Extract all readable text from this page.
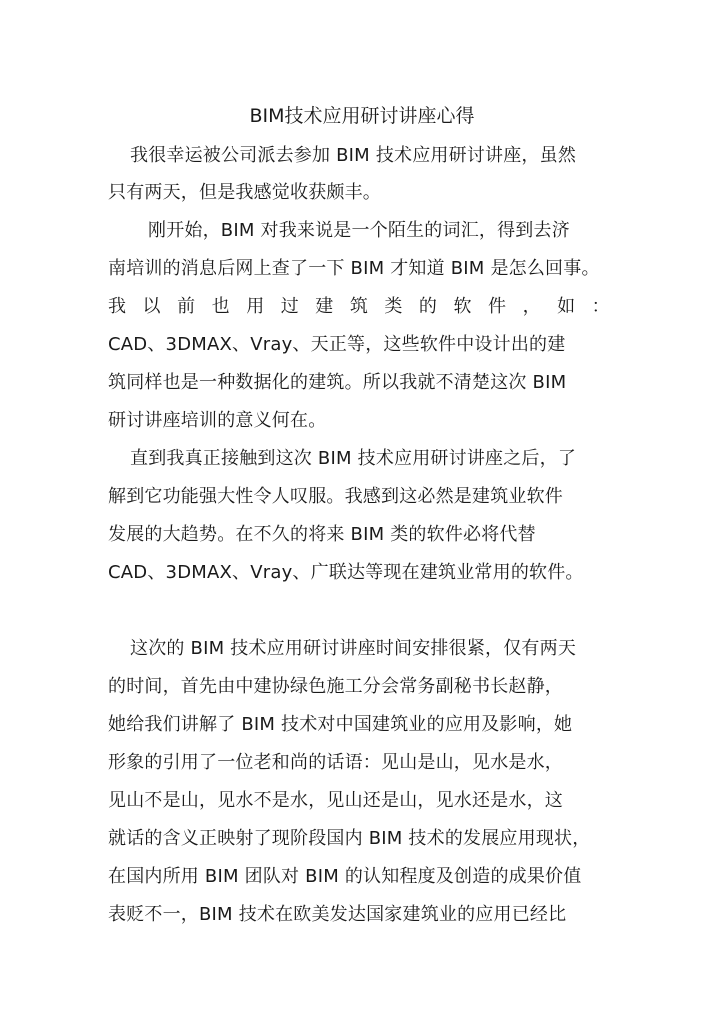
BIM技术应用研讨讲座心得
我很幸运被公司派去参加 BIM 技术应用研讨讲座，虽然
只有两天，但是我感觉收获颇丰。
刚开始，BIM 对我来说是一个陌生的词汇，得到去济
南培训的消息后网上查了一下 BIM 才知道 BIM 是怎么回事。
我 以 前 也 用 过 建 筑 类 的 软 件 ， 如 ：
CAD、3DMAX、Vray、天正等，这些软件中设计出的建
筑同样也是一种数据化的建筑。所以我就不清楚这次 BIM
研讨讲座培训的意义何在。
直到我真正接触到这次 BIM 技术应用研讨讲座之后，了
解到它功能强大性令人叹服。我感到这必然是建筑业软件
发展的大趋势。在不久的将来 BIM 类的软件必将代替
CAD、3DMAX、Vray、广联达等现在建筑业常用的软件。
这次的 BIM 技术应用研讨讲座时间安排很紧，仅有两天
的时间，首先由中建协绿色施工分会常务副秘书长赵静，
她给我们讲解了 BIM 技术对中国建筑业的应用及影响，她
形象的引用了一位老和尚的话语：见山是山，见水是水，
见山不是山，见水不是水，见山还是山，见水还是水，这
就话的含义正映射了现阶段国内 BIM 技术的发展应用现状，
在国内所用 BIM 团队对 BIM 的认知程度及创造的成果价值
表贬不一，BIM 技术在欧美发达国家建筑业的应用已经比
